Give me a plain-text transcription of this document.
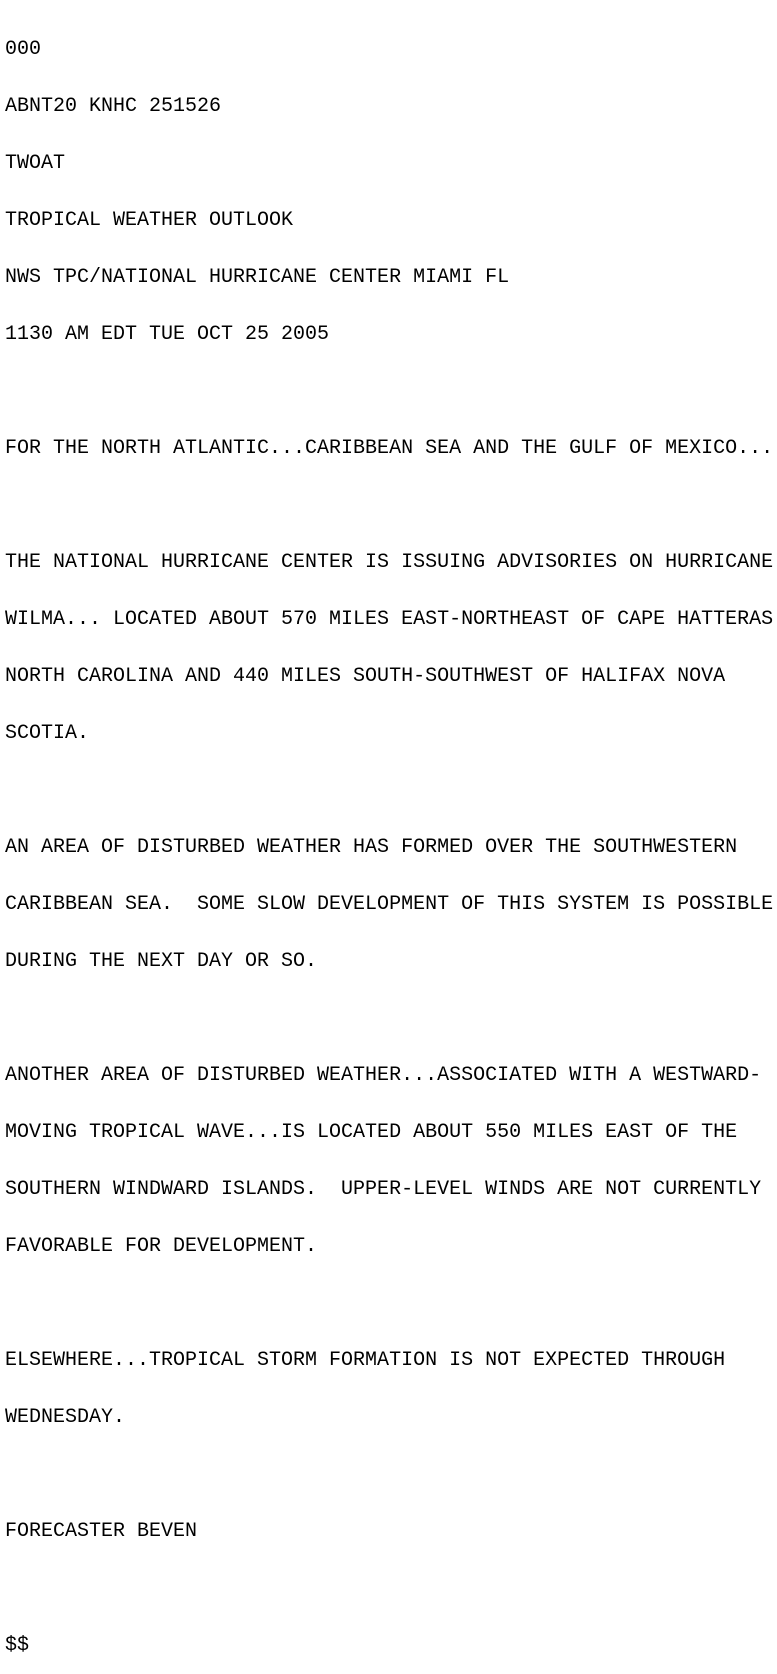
000

ABNT20 KNHC 251526

TWOAT

TROPICAL WEATHER OUTLOOK

NWS TPC/NATIONAL HURRICANE CENTER MIAMI FL

1130 AM EDT TUE OCT 25 2005

FOR THE NORTH ATLANTIC...CARIBBEAN SEA AND THE GULF OF MEXICO...

THE NATIONAL HURRICANE CENTER IS ISSUING ADVISORIES ON HURRICANE

WILMA... LOCATED ABOUT 570 MILES EAST-NORTHEAST OF CAPE HATTERAS

NORTH CAROLINA AND 440 MILES SOUTH-SOUTHWEST OF HALIFAX NOVA

SCOTIA.

AN AREA OF DISTURBED WEATHER HAS FORMED OVER THE SOUTHWESTERN

CARIBBEAN SEA.  SOME SLOW DEVELOPMENT OF THIS SYSTEM IS POSSIBLE

DURING THE NEXT DAY OR SO.

ANOTHER AREA OF DISTURBED WEATHER...ASSOCIATED WITH A WESTWARD-

MOVING TROPICAL WAVE...IS LOCATED ABOUT 550 MILES EAST OF THE

SOUTHERN WINDWARD ISLANDS.  UPPER-LEVEL WINDS ARE NOT CURRENTLY

FAVORABLE FOR DEVELOPMENT.

ELSEWHERE...TROPICAL STORM FORMATION IS NOT EXPECTED THROUGH

WEDNESDAY.

FORECASTER BEVEN

$$
